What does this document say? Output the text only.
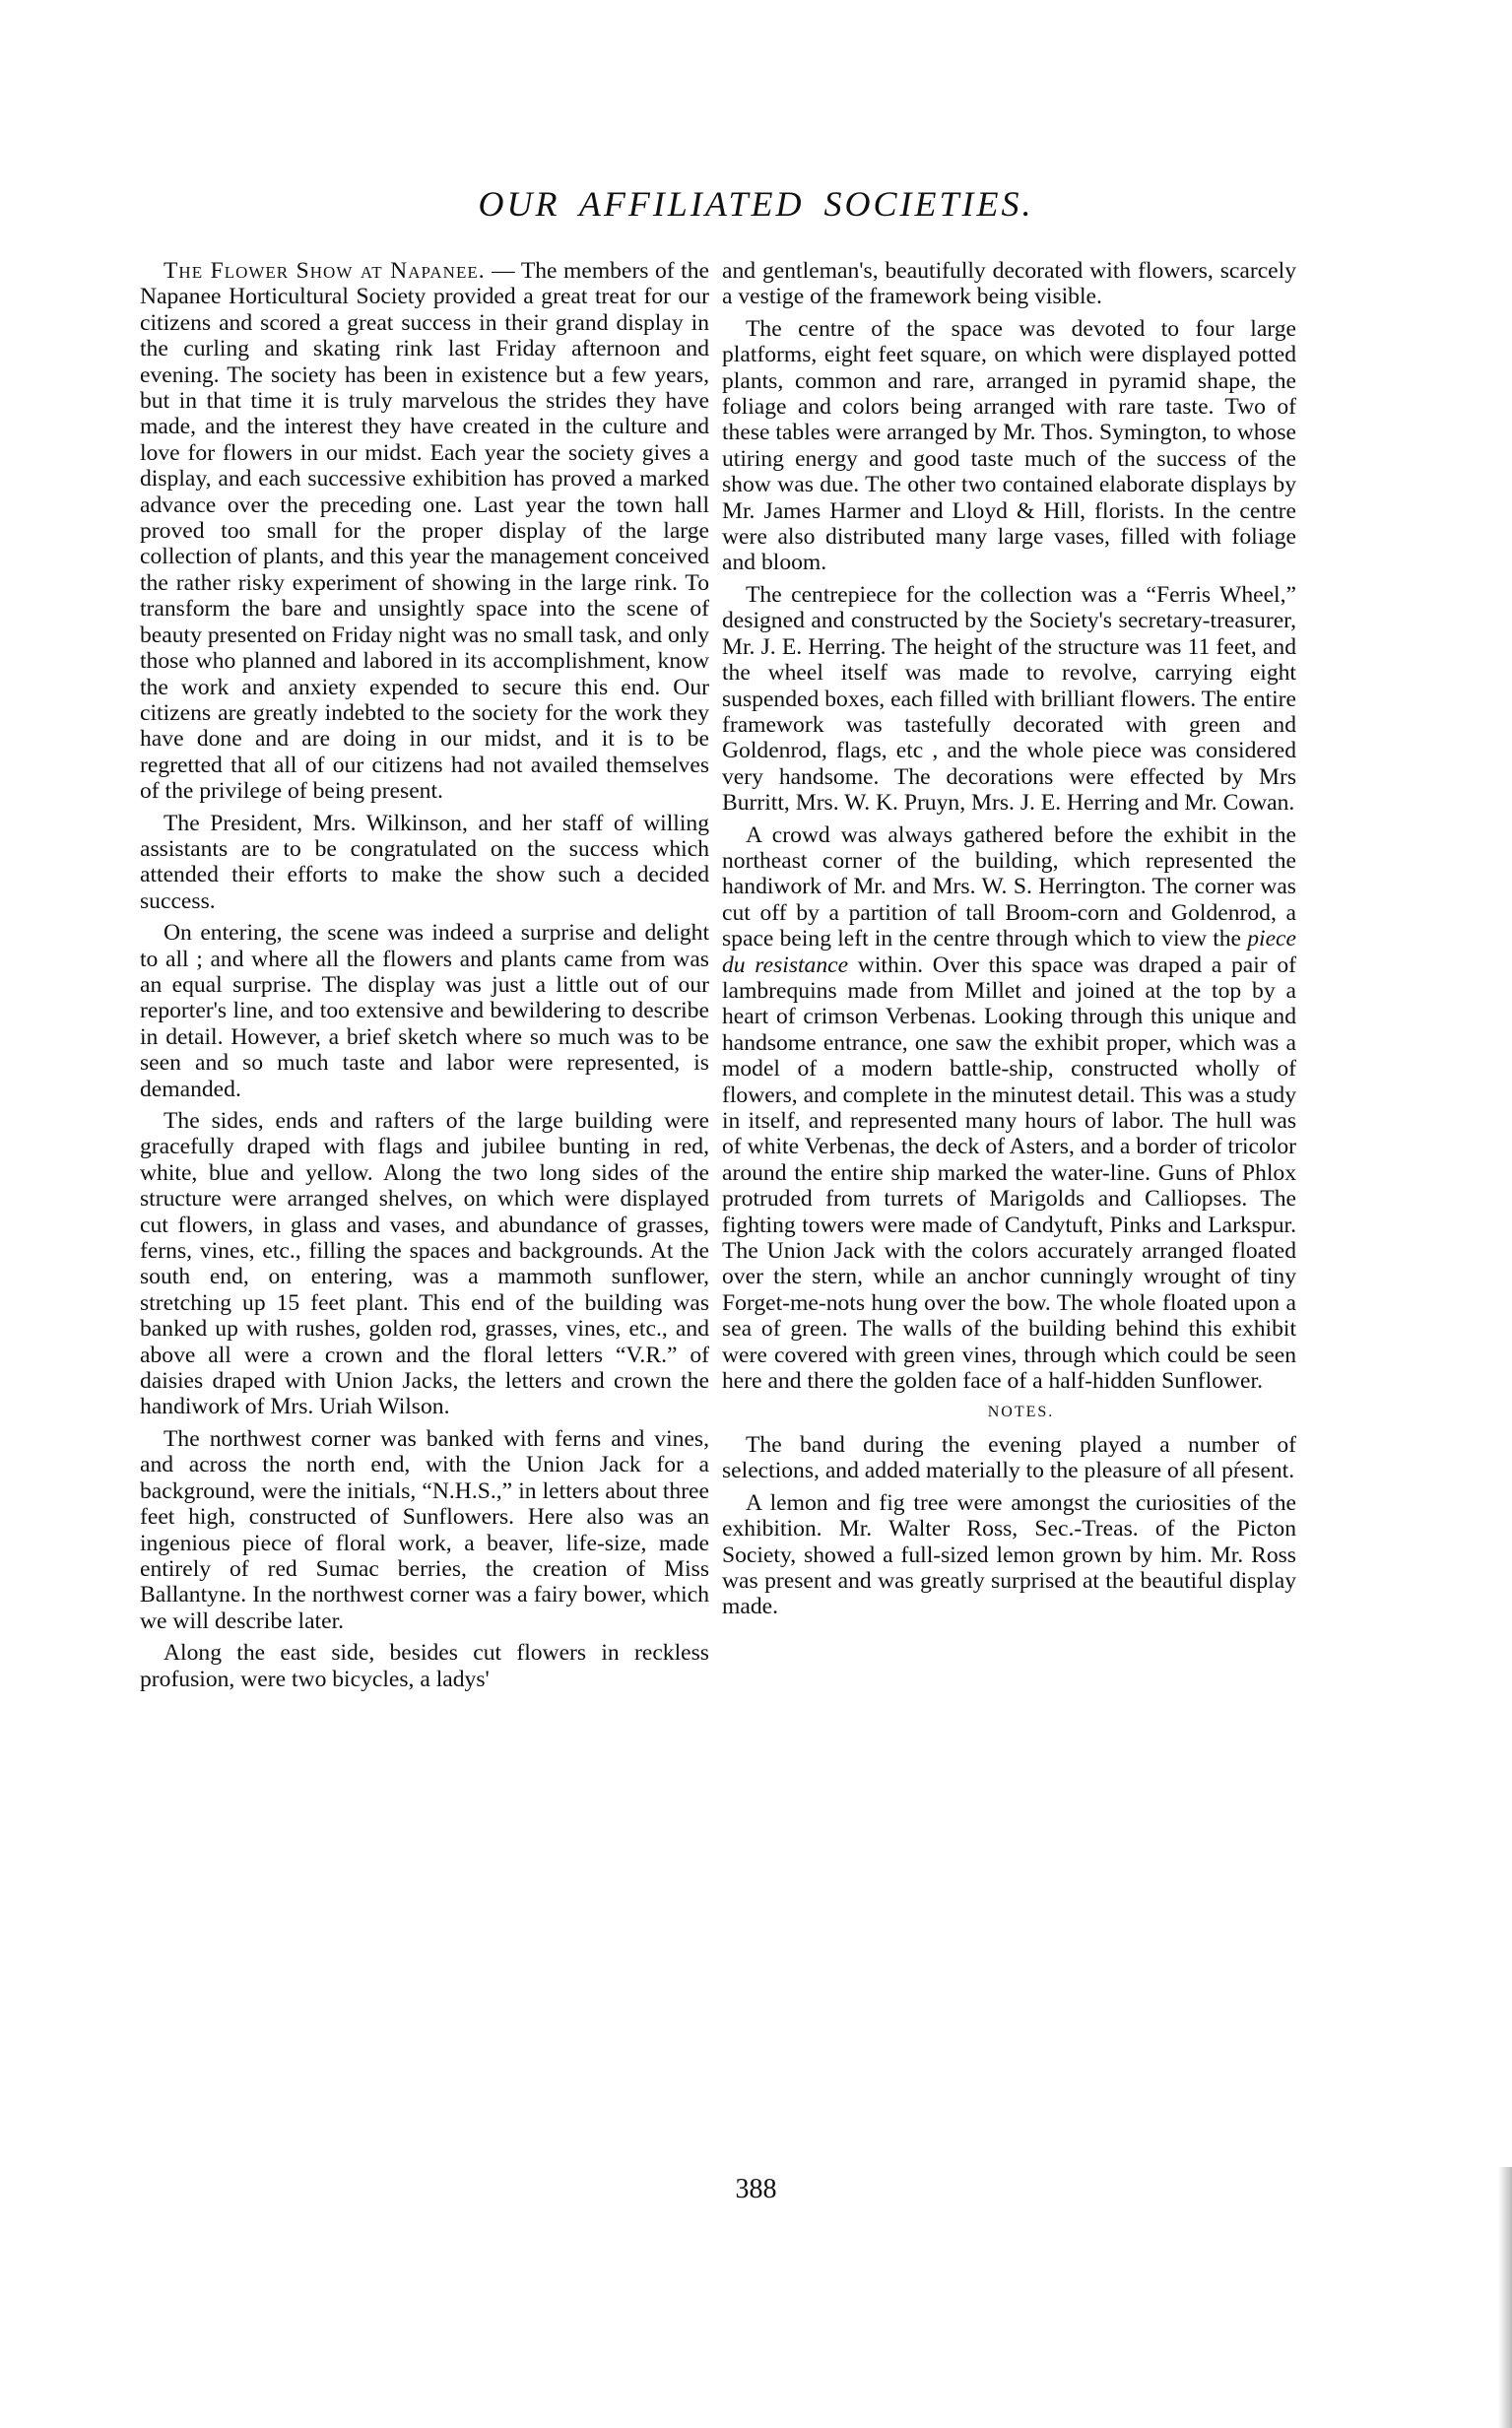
OUR AFFILIATED SOCIETIES.

The Flower Show at Napanee. — The members of the Napanee Horticultural Society provided a great treat for our citizens and scored a great success in their grand display in the curling and skating rink last Friday afternoon and evening. The society has been in existence but a few years, but in that time it is truly marvelous the strides they have made, and the interest they have created in the culture and love for flowers in our midst. Each year the society gives a display, and each successive exhibition has proved a marked advance over the preceding one. Last year the town hall proved too small for the proper display of the large collection of plants, and this year the management conceived the rather risky experiment of showing in the large rink. To transform the bare and unsightly space into the scene of beauty presented on Friday night was no small task, and only those who planned and labored in its accomplishment, know the work and anxiety expended to secure this end. Our citizens are greatly indebted to the society for the work they have done and are doing in our midst, and it is to be regretted that all of our citizens had not availed themselves of the privilege of being present.

The President, Mrs. Wilkinson, and her staff of willing assistants are to be congratulated on the success which attended their efforts to make the show such a decided success.

On entering, the scene was indeed a surprise and delight to all ; and where all the flowers and plants came from was an equal surprise. The display was just a little out of our reporter's line, and too extensive and bewildering to describe in detail. However, a brief sketch where so much was to be seen and so much taste and labor were represented, is demanded.

The sides, ends and rafters of the large building were gracefully draped with flags and jubilee bunting in red, white, blue and yellow. Along the two long sides of the structure were arranged shelves, on which were displayed cut flowers, in glass and vases, and abundance of grasses, ferns, vines, etc., filling the spaces and backgrounds. At the south end, on entering, was a mammoth sunflower, stretching up 15 feet plant. This end of the building was banked up with rushes, golden rod, grasses, vines, etc., and above all were a crown and the floral letters “V.R.” of daisies draped with Union Jacks, the letters and crown the handiwork of Mrs. Uriah Wilson.

The northwest corner was banked with ferns and vines, and across the north end, with the Union Jack for a background, were the initials, “N.H.S.,” in letters about three feet high, constructed of Sunflowers. Here also was an ingenious piece of floral work, a beaver, life-size, made entirely of red Sumac berries, the creation of Miss Ballantyne. In the northwest corner was a fairy bower, which we will describe later.

Along the east side, besides cut flowers in reckless profusion, were two bicycles, a ladys'

and gentleman's, beautifully decorated with flowers, scarcely a vestige of the framework being visible.

The centre of the space was devoted to four large platforms, eight feet square, on which were displayed potted plants, common and rare, arranged in pyramid shape, the foliage and colors being arranged with rare taste. Two of these tables were arranged by Mr. Thos. Symington, to whose utiring energy and good taste much of the success of the show was due. The other two contained elaborate displays by Mr. James Harmer and Lloyd & Hill, florists. In the centre were also distributed many large vases, filled with foliage and bloom.

The centrepiece for the collection was a “Ferris Wheel,” designed and constructed by the Society's secretary-treasurer, Mr. J. E. Herring. The height of the structure was 11 feet, and the wheel itself was made to revolve, carrying eight suspended boxes, each filled with brilliant flowers. The entire framework was tastefully decorated with green and Goldenrod, flags, etc , and the whole piece was considered very handsome. The decorations were effected by Mrs Burritt, Mrs. W. K. Pruyn, Mrs. J. E. Herring and Mr. Cowan.

A crowd was always gathered before the exhibit in the northeast corner of the building, which represented the handiwork of Mr. and Mrs. W. S. Herrington. The corner was cut off by a partition of tall Broom-corn and Goldenrod, a space being left in the centre through which to view the piece du resistance within. Over this space was draped a pair of lambrequins made from Millet and joined at the top by a heart of crimson Verbenas. Looking through this unique and handsome entrance, one saw the exhibit proper, which was a model of a modern battle-ship, constructed wholly of flowers, and complete in the minutest detail. This was a study in itself, and represented many hours of labor. The hull was of white Verbenas, the deck of Asters, and a border of tricolor around the entire ship marked the water-line. Guns of Phlox protruded from turrets of Marigolds and Calliopses. The fighting towers were made of Candytuft, Pinks and Larkspur. The Union Jack with the colors accurately arranged floated over the stern, while an anchor cunningly wrought of tiny Forget-me-nots hung over the bow. The whole floated upon a sea of green. The walls of the building behind this exhibit were covered with green vines, through which could be seen here and there the golden face of a half-hidden Sunflower.

NOTES.

The band during the evening played a number of selections, and added materially to the pleasure of all pŕesent.

A lemon and fig tree were amongst the curiosities of the exhibition. Mr. Walter Ross, Sec.-Treas. of the Picton Society, showed a full-sized lemon grown by him. Mr. Ross was present and was greatly surprised at the beautiful display made.

388
